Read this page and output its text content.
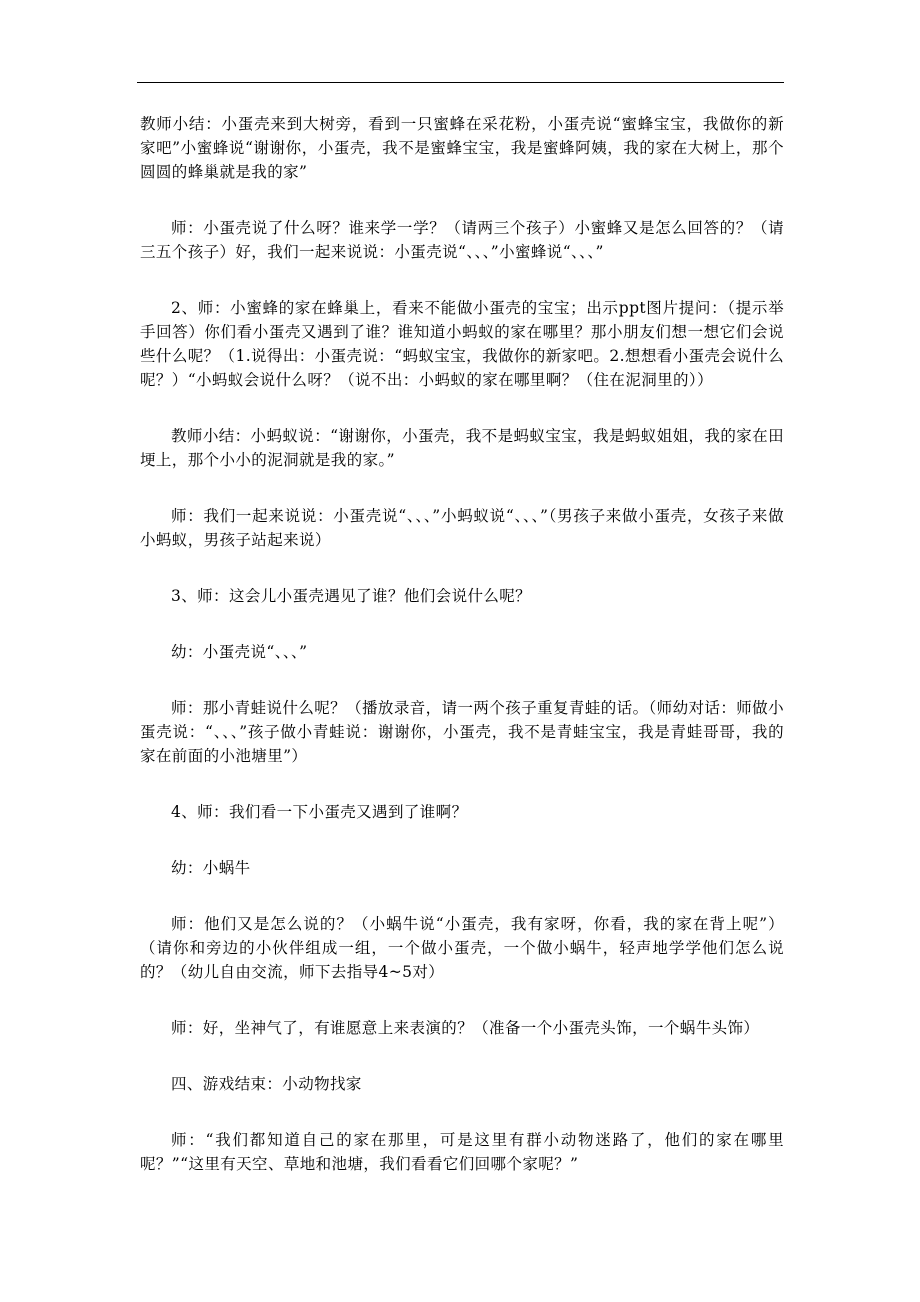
教师小结：小蛋壳来到大树旁，看到一只蜜蜂在采花粉，小蛋壳说“蜜蜂宝宝，我做你的新家吧”小蜜蜂说“谢谢你，小蛋壳，我不是蜜蜂宝宝，我是蜜蜂阿姨，我的家在大树上，那个圆圆的蜂巢就是我的家”

师：小蛋壳说了什么呀？谁来学一学？（请两三个孩子）小蜜蜂又是怎么回答的？（请三五个孩子）好，我们一起来说说：小蛋壳说“、、、”小蜜蜂说“、、、”

2、师：小蜜蜂的家在蜂巢上，看来不能做小蛋壳的宝宝；出示ppt图片提问：（提示举手回答）你们看小蛋壳又遇到了谁？谁知道小蚂蚁的家在哪里？那小朋友们想一想它们会说些什么呢？（1.说得出：小蛋壳说：“蚂蚁宝宝，我做你的新家吧。2.想想看小蛋壳会说什么呢？）“小蚂蚁会说什么呀？（说不出：小蚂蚁的家在哪里啊？（住在泥洞里的））

教师小结：小蚂蚁说：“谢谢你，小蛋壳，我不是蚂蚁宝宝，我是蚂蚁姐姐，我的家在田埂上，那个小小的泥洞就是我的家。”

师：我们一起来说说：小蛋壳说“、、、”小蚂蚁说“、、、”（男孩子来做小蛋壳，女孩子来做小蚂蚁，男孩子站起来说）

3、师：这会儿小蛋壳遇见了谁？他们会说什么呢？

幼：小蛋壳说“、、、”

师：那小青蛙说什么呢？（播放录音，请一两个孩子重复青蛙的话。（师幼对话：师做小蛋壳说：“、、、”孩子做小青蛙说：谢谢你，小蛋壳，我不是青蛙宝宝，我是青蛙哥哥，我的家在前面的小池塘里”）

4、师：我们看一下小蛋壳又遇到了谁啊？

幼：小蜗牛

师：他们又是怎么说的？（小蜗牛说“小蛋壳，我有家呀，你看，我的家在背上呢”）（请你和旁边的小伙伴组成一组，一个做小蛋壳，一个做小蜗牛，轻声地学学他们怎么说的？（幼儿自由交流，师下去指导4~5对）

师：好，坐神气了，有谁愿意上来表演的？（准备一个小蛋壳头饰，一个蜗牛头饰）

四、游戏结束：小动物找家

师：“我们都知道自己的家在那里，可是这里有群小动物迷路了，他们的家在哪里呢？”“这里有天空、草地和池塘，我们看看它们回哪个家呢？”
